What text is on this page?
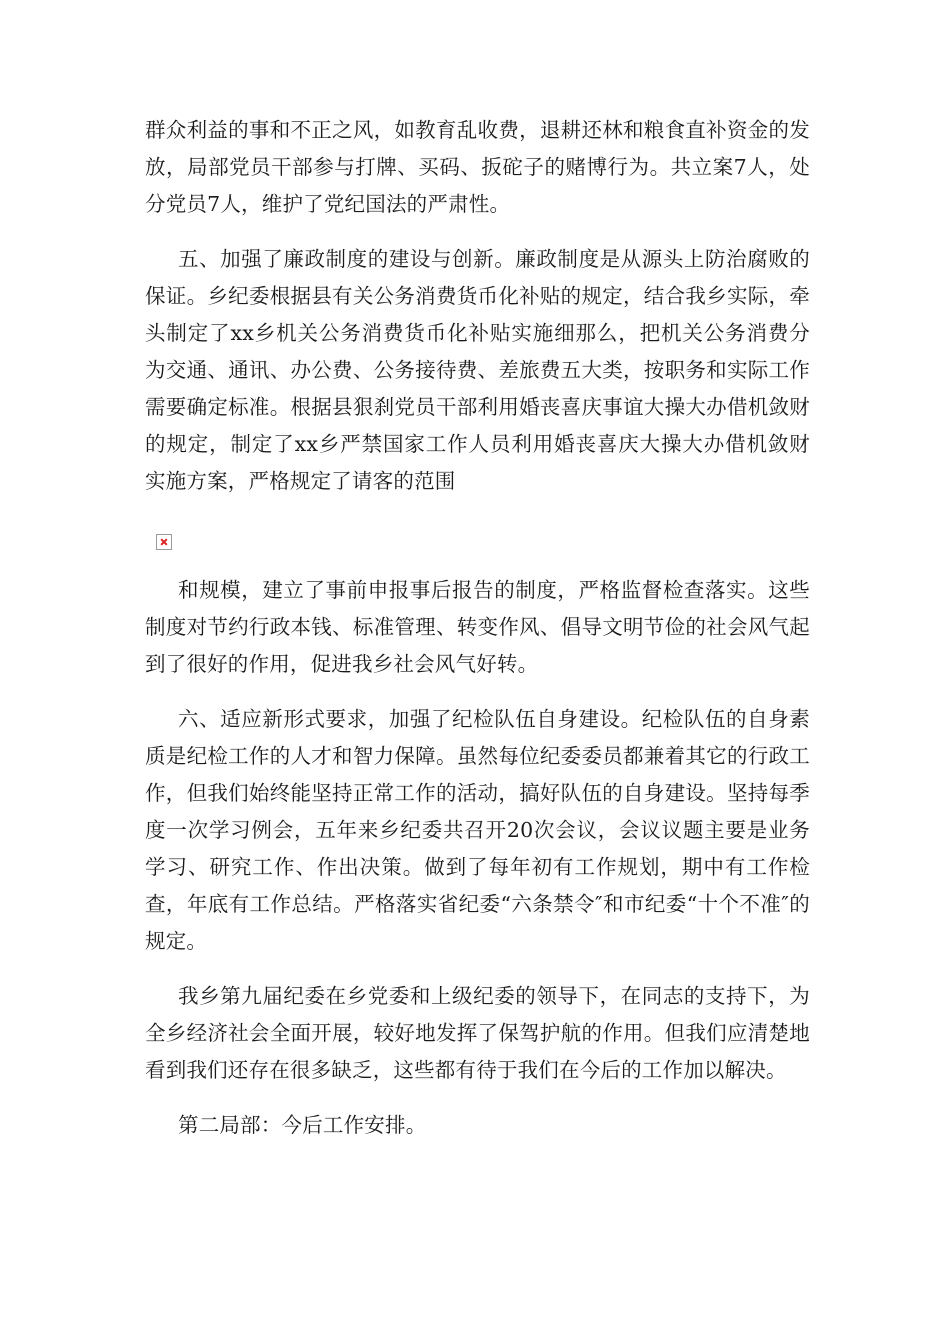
群众利益的事和不正之风，如教育乱收费，退耕还林和粮食直补资金的发放，局部党员干部参与打牌、买码、扳砣子的赌博行为。共立案7人，处分党员7人，维护了党纪国法的严肃性。

五、加强了廉政制度的建设与创新。廉政制度是从源头上防治腐败的保证。乡纪委根据县有关公务消费货币化补贴的规定，结合我乡实际，牵头制定了xx乡机关公务消费货币化补贴实施细那么，把机关公务消费分为交通、通讯、办公费、公务接待费、差旅费五大类，按职务和实际工作需要确定标准。根据县狠刹党员干部利用婚丧喜庆事谊大操大办借机敛财的规定，制定了xx乡严禁国家工作人员利用婚丧喜庆大操大办借机敛财实施方案，严格规定了请客的范围

和规模，建立了事前申报事后报告的制度，严格监督检查落实。这些制度对节约行政本钱、标准管理、转变作风、倡导文明节俭的社会风气起到了很好的作用，促进我乡社会风气好转。

六、适应新形式要求，加强了纪检队伍自身建设。纪检队伍的自身素质是纪检工作的人才和智力保障。虽然每位纪委委员都兼着其它的行政工作，但我们始终能坚持正常工作的活动，搞好队伍的自身建设。坚持每季度一次学习例会，五年来乡纪委共召开20次会议，会议议题主要是业务学习、研究工作、作出决策。做到了每年初有工作规划，期中有工作检查，年底有工作总结。严格落实省纪委“六条禁令″和市纪委“十个不准″的规定。

我乡第九届纪委在乡党委和上级纪委的领导下，在同志的支持下，为全乡经济社会全面开展，较好地发挥了保驾护航的作用。但我们应清楚地看到我们还存在很多缺乏，这些都有待于我们在今后的工作加以解决。

第二局部：今后工作安排。
